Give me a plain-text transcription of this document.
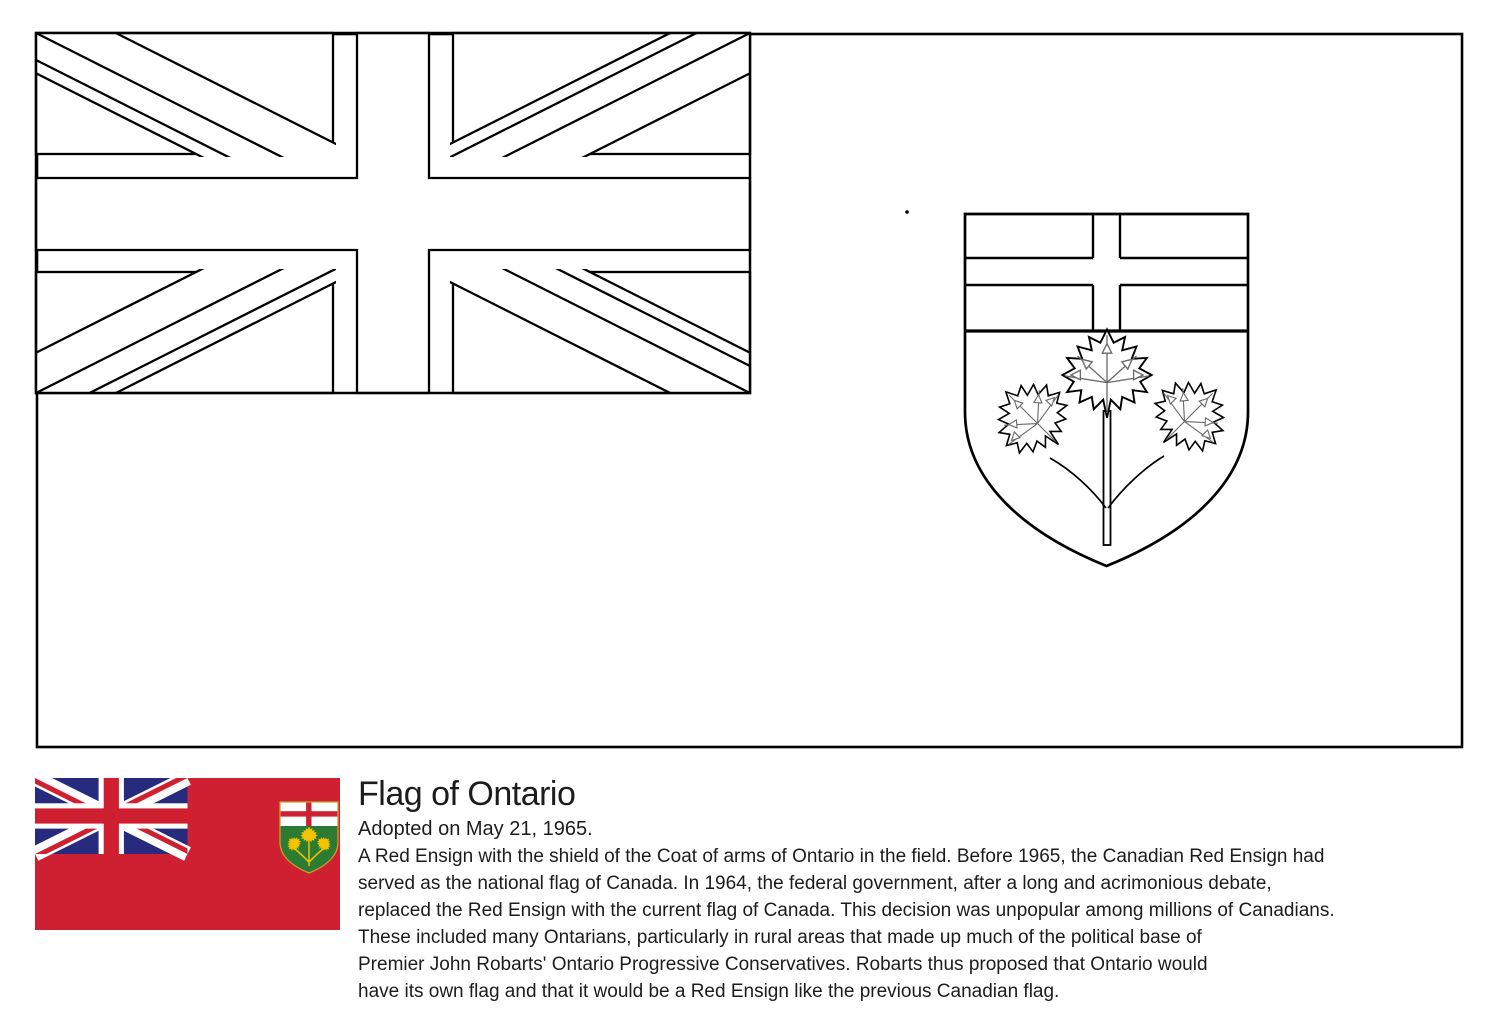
Flag of Ontario
Adopted on May 21, 1965.
A Red Ensign with the shield of the Coat of arms of Ontario in the field. Before 1965, the Canadian Red Ensign had
served as the national flag of Canada. In 1964, the federal government, after a long and acrimonious debate,
replaced the Red Ensign with the current flag of Canada. This decision was unpopular among millions of Canadians.
These included many Ontarians, particularly in rural areas that made up much of the political base of
Premier John Robarts' Ontario Progressive Conservatives. Robarts thus proposed that Ontario would
have its own flag and that it would be a Red Ensign like the previous Canadian flag.
